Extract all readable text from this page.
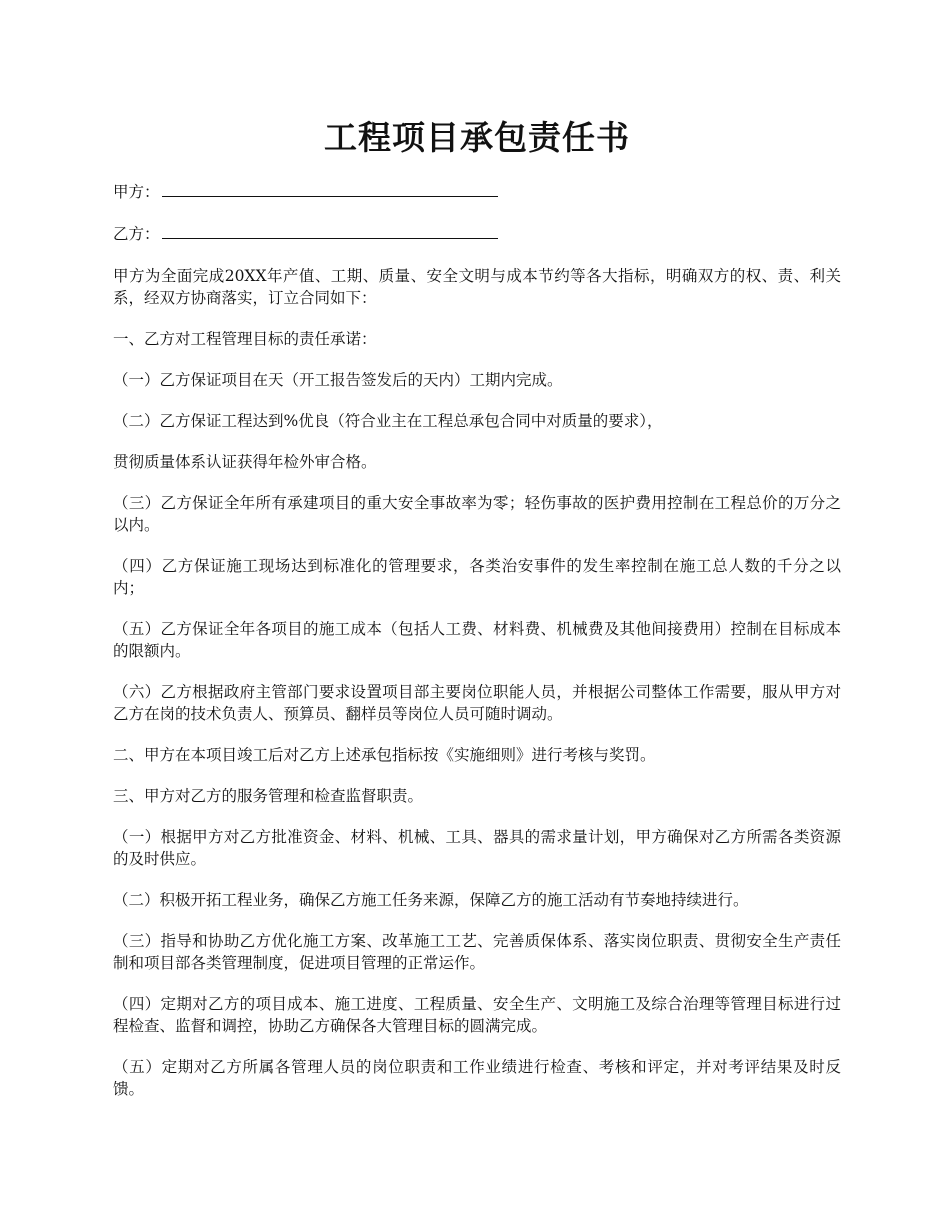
工程项目承包责任书

甲方：

乙方：

甲方为全面完成20XX年产值、工期、质量、安全文明与成本节约等各大指标，明确双方的权、责、利关系，经双方协商落实，订立合同如下：

一、乙方对工程管理目标的责任承诺：

（一）乙方保证项目在天（开工报告签发后的天内）工期内完成。

（二）乙方保证工程达到%优良（符合业主在工程总承包合同中对质量的要求），

贯彻质量体系认证获得年检外审合格。

（三）乙方保证全年所有承建项目的重大安全事故率为零；轻伤事故的医护费用控制在工程总价的万分之以内。

（四）乙方保证施工现场达到标准化的管理要求，各类治安事件的发生率控制在施工总人数的千分之以内；

（五）乙方保证全年各项目的施工成本（包括人工费、材料费、机械费及其他间接费用）控制在目标成本的限额内。

（六）乙方根据政府主管部门要求设置项目部主要岗位职能人员，并根据公司整体工作需要，服从甲方对乙方在岗的技术负责人、预算员、翻样员等岗位人员可随时调动。

二、甲方在本项目竣工后对乙方上述承包指标按《实施细则》进行考核与奖罚。

三、甲方对乙方的服务管理和检查监督职责。

（一）根据甲方对乙方批准资金、材料、机械、工具、器具的需求量计划，甲方确保对乙方所需各类资源的及时供应。

（二）积极开拓工程业务，确保乙方施工任务来源，保障乙方的施工活动有节奏地持续进行。

（三）指导和协助乙方优化施工方案、改革施工工艺、完善质保体系、落实岗位职责、贯彻安全生产责任制和项目部各类管理制度，促进项目管理的正常运作。

（四）定期对乙方的项目成本、施工进度、工程质量、安全生产、文明施工及综合治理等管理目标进行过程检查、监督和调控，协助乙方确保各大管理目标的圆满完成。

（五）定期对乙方所属各管理人员的岗位职责和工作业绩进行检查、考核和评定，并对考评结果及时反馈。
